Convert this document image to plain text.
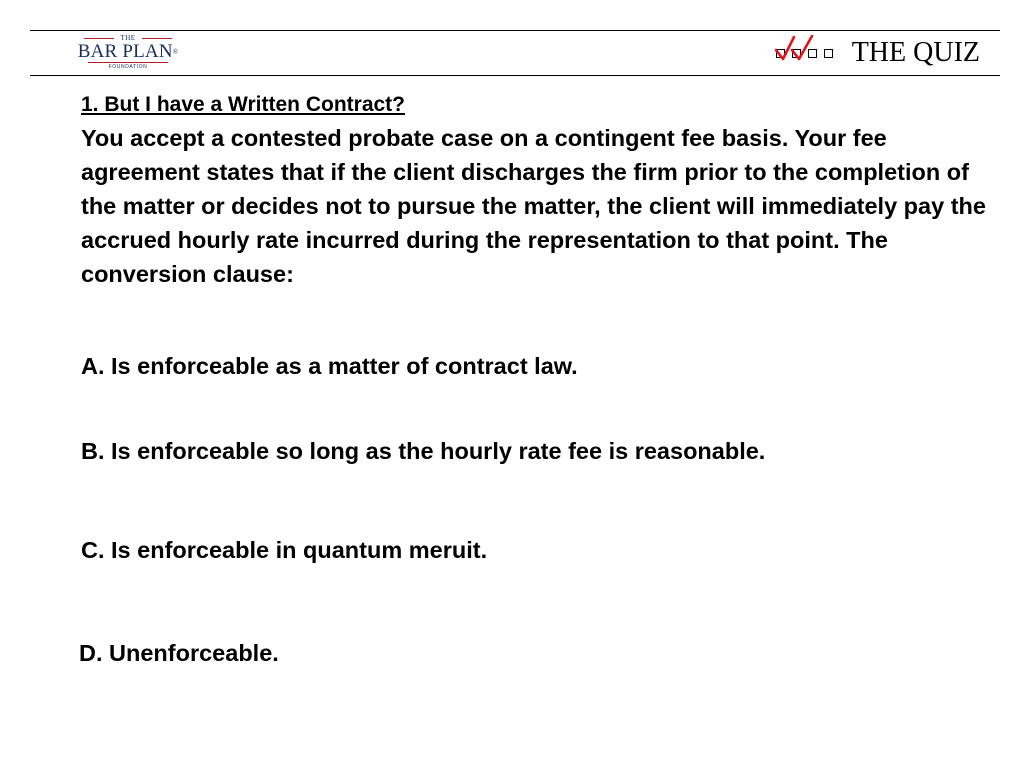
THE
BAR PLAN®
FOUNDATION	THE QUIZ
1. But I have a Written Contract?
You accept a contested probate case on a contingent fee basis. Your fee agreement states that if the client discharges the firm prior to the completion of the matter or decides not to pursue the matter, the client will immediately pay the accrued hourly rate incurred during the representation to that point. The conversion clause:
A. Is enforceable as a matter of contract law.
B. Is enforceable so long as the hourly rate fee is reasonable.
C. Is enforceable in quantum meruit.
D. Unenforceable.
